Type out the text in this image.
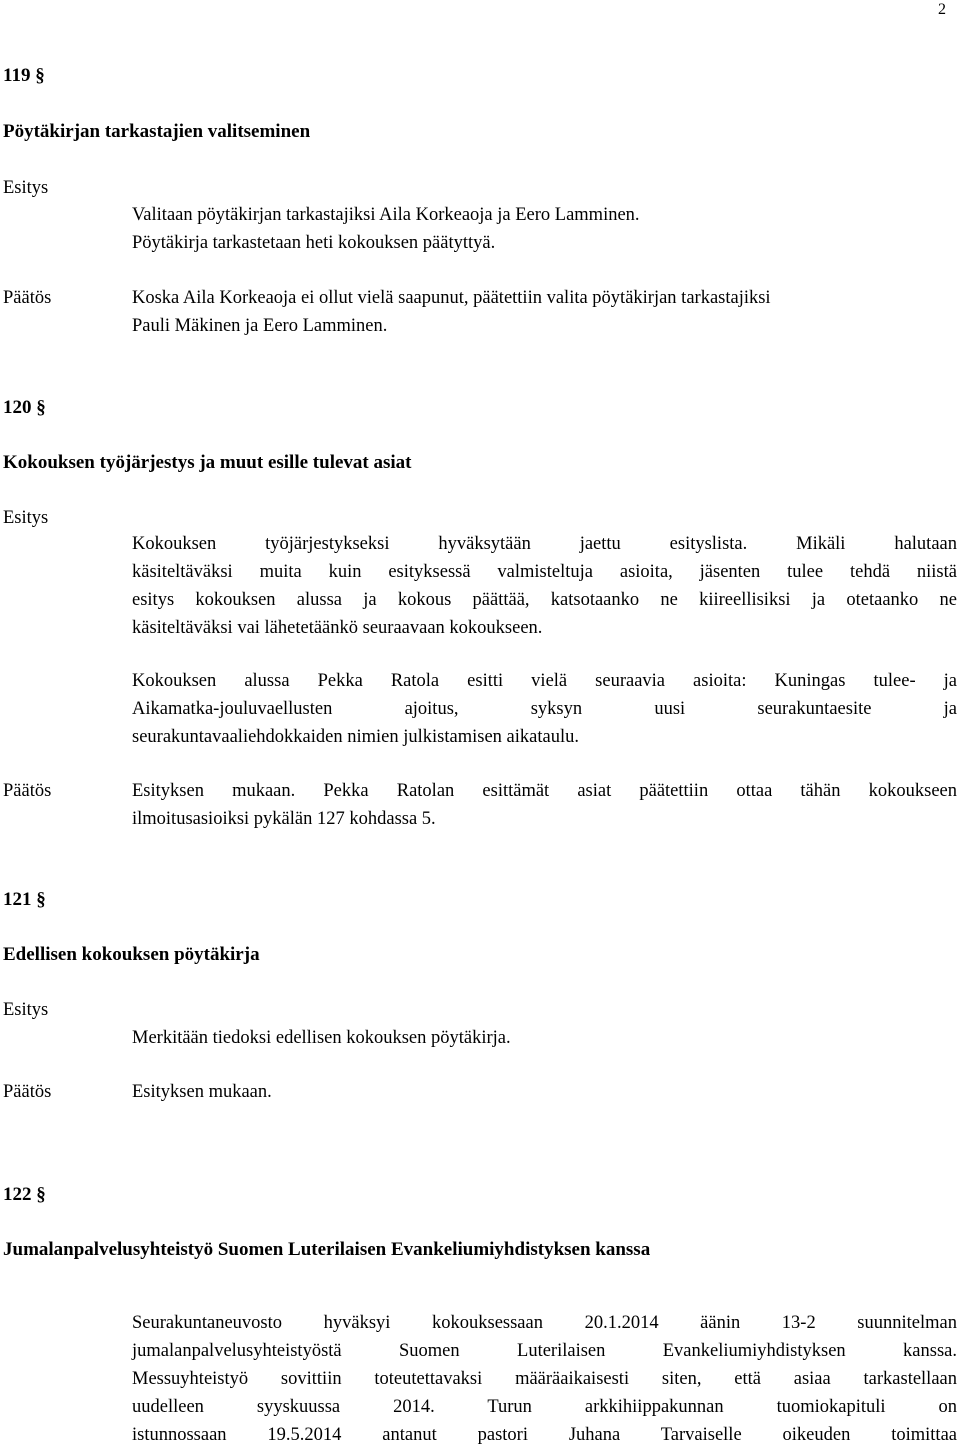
2
119 §
Pöytäkirjan tarkastajien valitseminen
Esitys
Valitaan pöytäkirjan tarkastajiksi Aila Korkeaoja ja Eero Lamminen.
Pöytäkirja tarkastetaan heti kokouksen päätyttyä.
Päätös	Koska Aila Korkeaoja ei ollut vielä saapunut, päätettiin valita pöytäkirjan tarkastajiksi
Pauli Mäkinen ja Eero Lamminen.
120 §
Kokouksen työjärjestys ja muut esille tulevat asiat
Esitys
Kokouksen työjärjestykseksi hyväksytään jaettu esityslista. Mikäli halutaan
käsiteltäväksi muita kuin esityksessä valmisteltuja asioita, jäsenten tulee tehdä niistä
esitys kokouksen alussa ja kokous päättää, katsotaanko ne kiireellisiksi ja otetaanko ne
käsiteltäväksi vai lähetetäänkö seuraavaan kokoukseen.
Kokouksen alussa Pekka Ratola esitti vielä seuraavia asioita: Kuningas tulee- ja
Aikamatka-jouluvaellusten ajoitus, syksyn uusi seurakuntaesite ja
seurakuntavaaliehdokkaiden nimien julkistamisen aikataulu.
Päätös	Esityksen mukaan. Pekka Ratolan esittämät asiat päätettiin ottaa tähän kokoukseen
ilmoitusasioiksi pykälän 127 kohdassa 5.
121 §
Edellisen kokouksen pöytäkirja
Esitys
Merkitään tiedoksi edellisen kokouksen pöytäkirja.
Päätös	Esityksen mukaan.
122 §
Jumalanpalvelusyhteistyö Suomen Luterilaisen Evankeliumiyhdistyksen kanssa
Seurakuntaneuvosto hyväksyi kokouksessaan 20.1.2014 äänin 13-2 suunnitelman
jumalanpalvelusyhteistyöstä Suomen Luterilaisen Evankeliumiyhdistyksen kanssa.
Messuyhteistyö sovittiin toteutettavaksi määräaikaisesti siten, että asiaa tarkastellaan
uudelleen syyskuussa 2014. Turun arkkihiippakunnan tuomiokapituli on
istunnossaan 19.5.2014 antanut pastori Juhana Tarvaiselle oikeuden toimittaa
